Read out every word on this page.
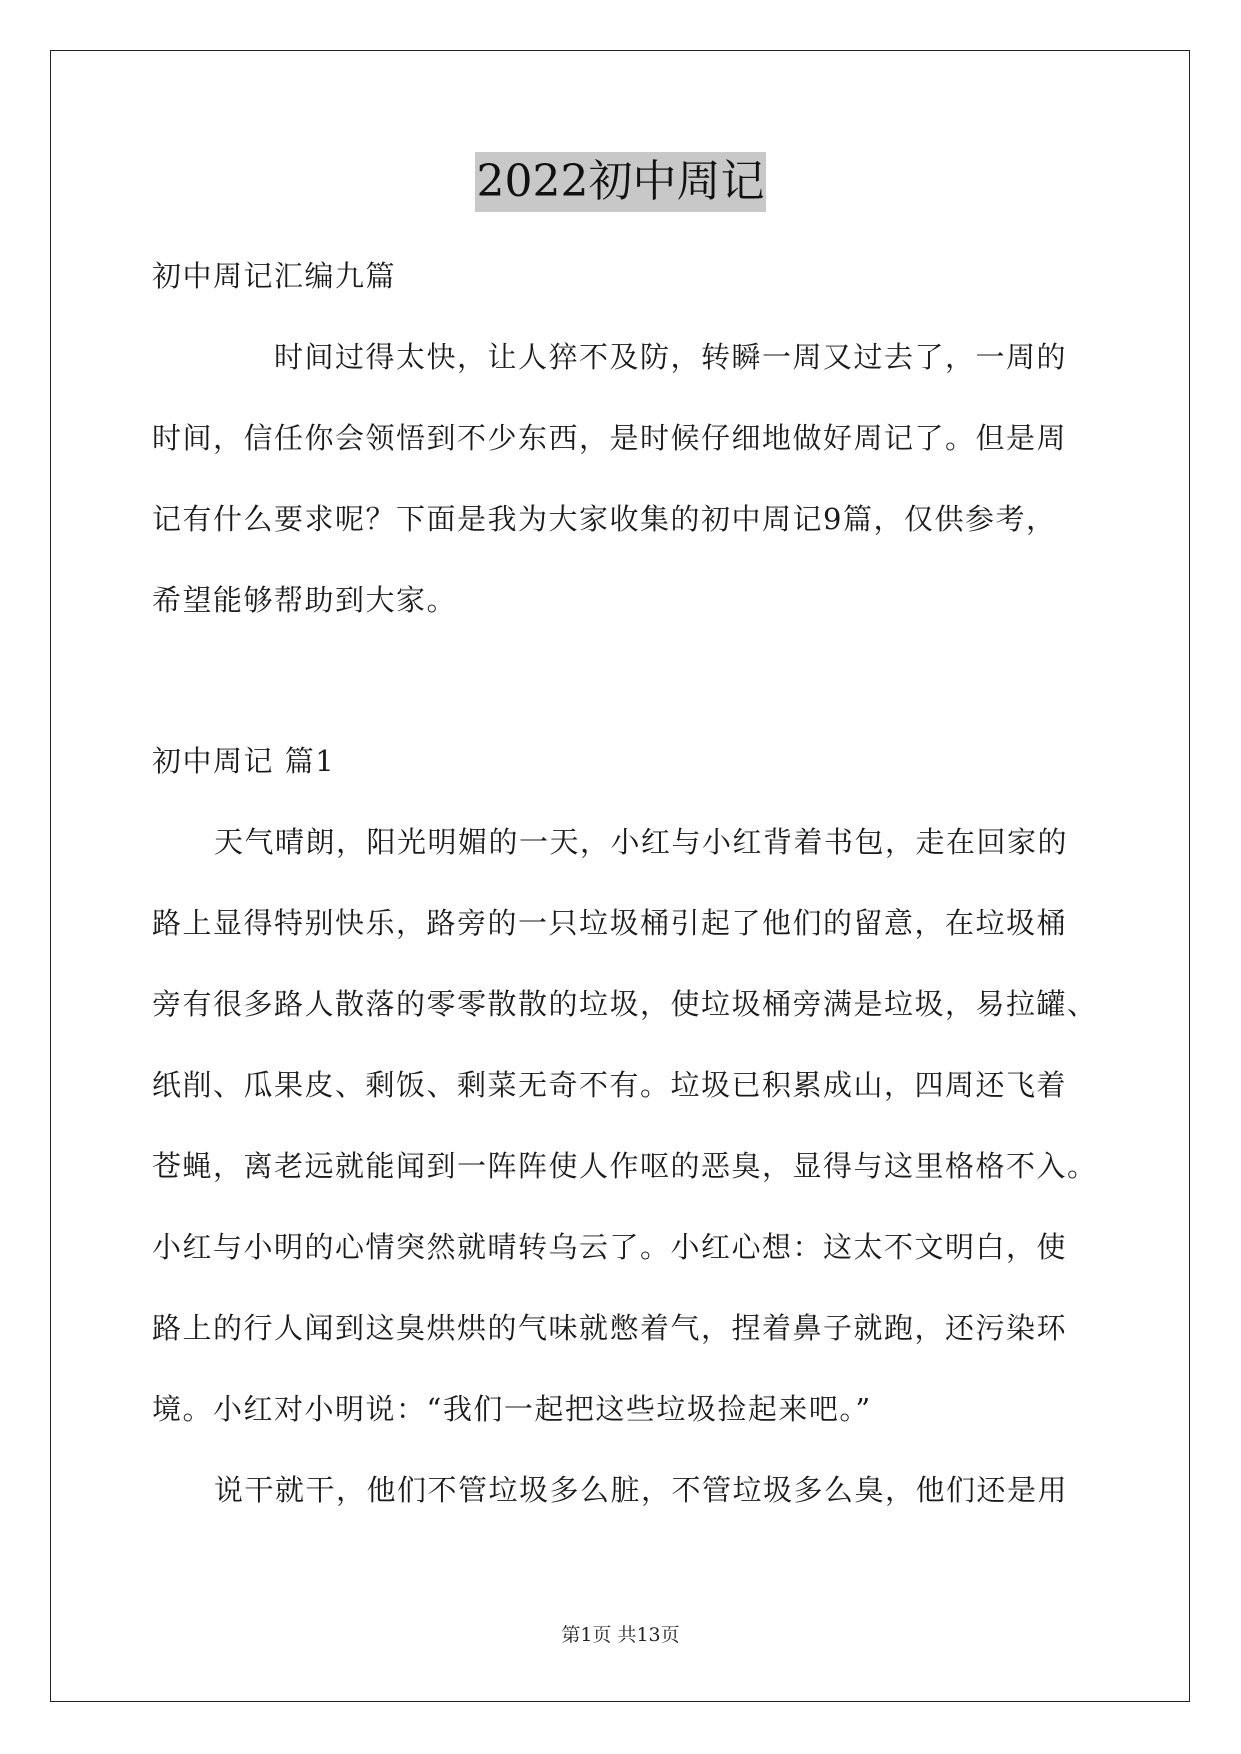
2022初中周记
初中周记汇编九篇
时间过得太快，让人猝不及防，转瞬一周又过去了，一周的
时间，信任你会领悟到不少东西，是时候仔细地做好周记了。但是周
记有什么要求呢？下面是我为大家收集的初中周记9篇，仅供参考，
希望能够帮助到大家。
初中周记 篇1
天气晴朗，阳光明媚的一天，小红与小红背着书包，走在回家的
路上显得特别快乐，路旁的一只垃圾桶引起了他们的留意，在垃圾桶
旁有很多路人散落的零零散散的垃圾，使垃圾桶旁满是垃圾，易拉罐、
纸削、瓜果皮、剩饭、剩菜无奇不有。垃圾已积累成山，四周还飞着
苍蝇，离老远就能闻到一阵阵使人作呕的恶臭，显得与这里格格不入。
小红与小明的心情突然就晴转乌云了。小红心想：这太不文明白，使
路上的行人闻到这臭烘烘的气味就憋着气，捏着鼻子就跑，还污染环
境。小红对小明说：“我们一起把这些垃圾捡起来吧。”
说干就干，他们不管垃圾多么脏，不管垃圾多么臭，他们还是用
第1页 共13页
